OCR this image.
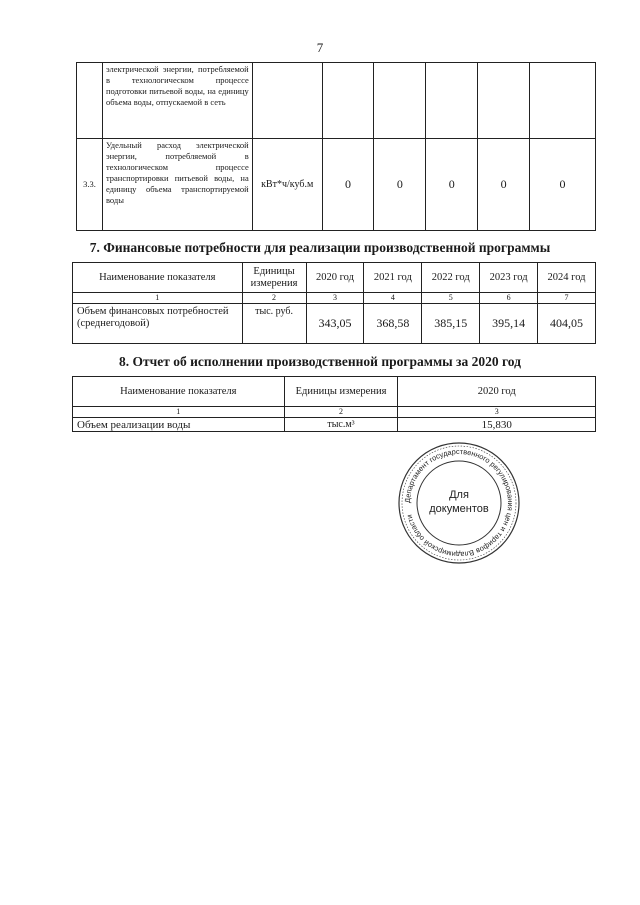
7
	электрической энергии, потребляемой в технологическом процессе подготовки питьевой воды, на единицу объема воды, отпускаемой в сеть						
3.3.	Удельный расход электрической энергии, потребляемой в технологическом процессе транспортировки питьевой воды, на единицу объема транспортируемой воды	кВт*ч/куб.м	0	0	0	0	0
7. Финансовые потребности для реализации производственной программы
Наименование показателя	Единицы измерения	2020 год	2021 год	2022 год	2023 год	2024 год
1	2	3	4	5	6	7
Объем финансовых потребностей (среднегодовой)	тыс. руб.	343,05	368,58	385,15	395,14	404,05
8. Отчет об исполнении производственной программы за 2020 год
Наименование показателя	Единицы измерения	2020 год
1	2	3
Объем реализации воды	тыс.м³	15,830
Департамент государственного регулирования цен и тарифов Владимирской области
Для
документов
